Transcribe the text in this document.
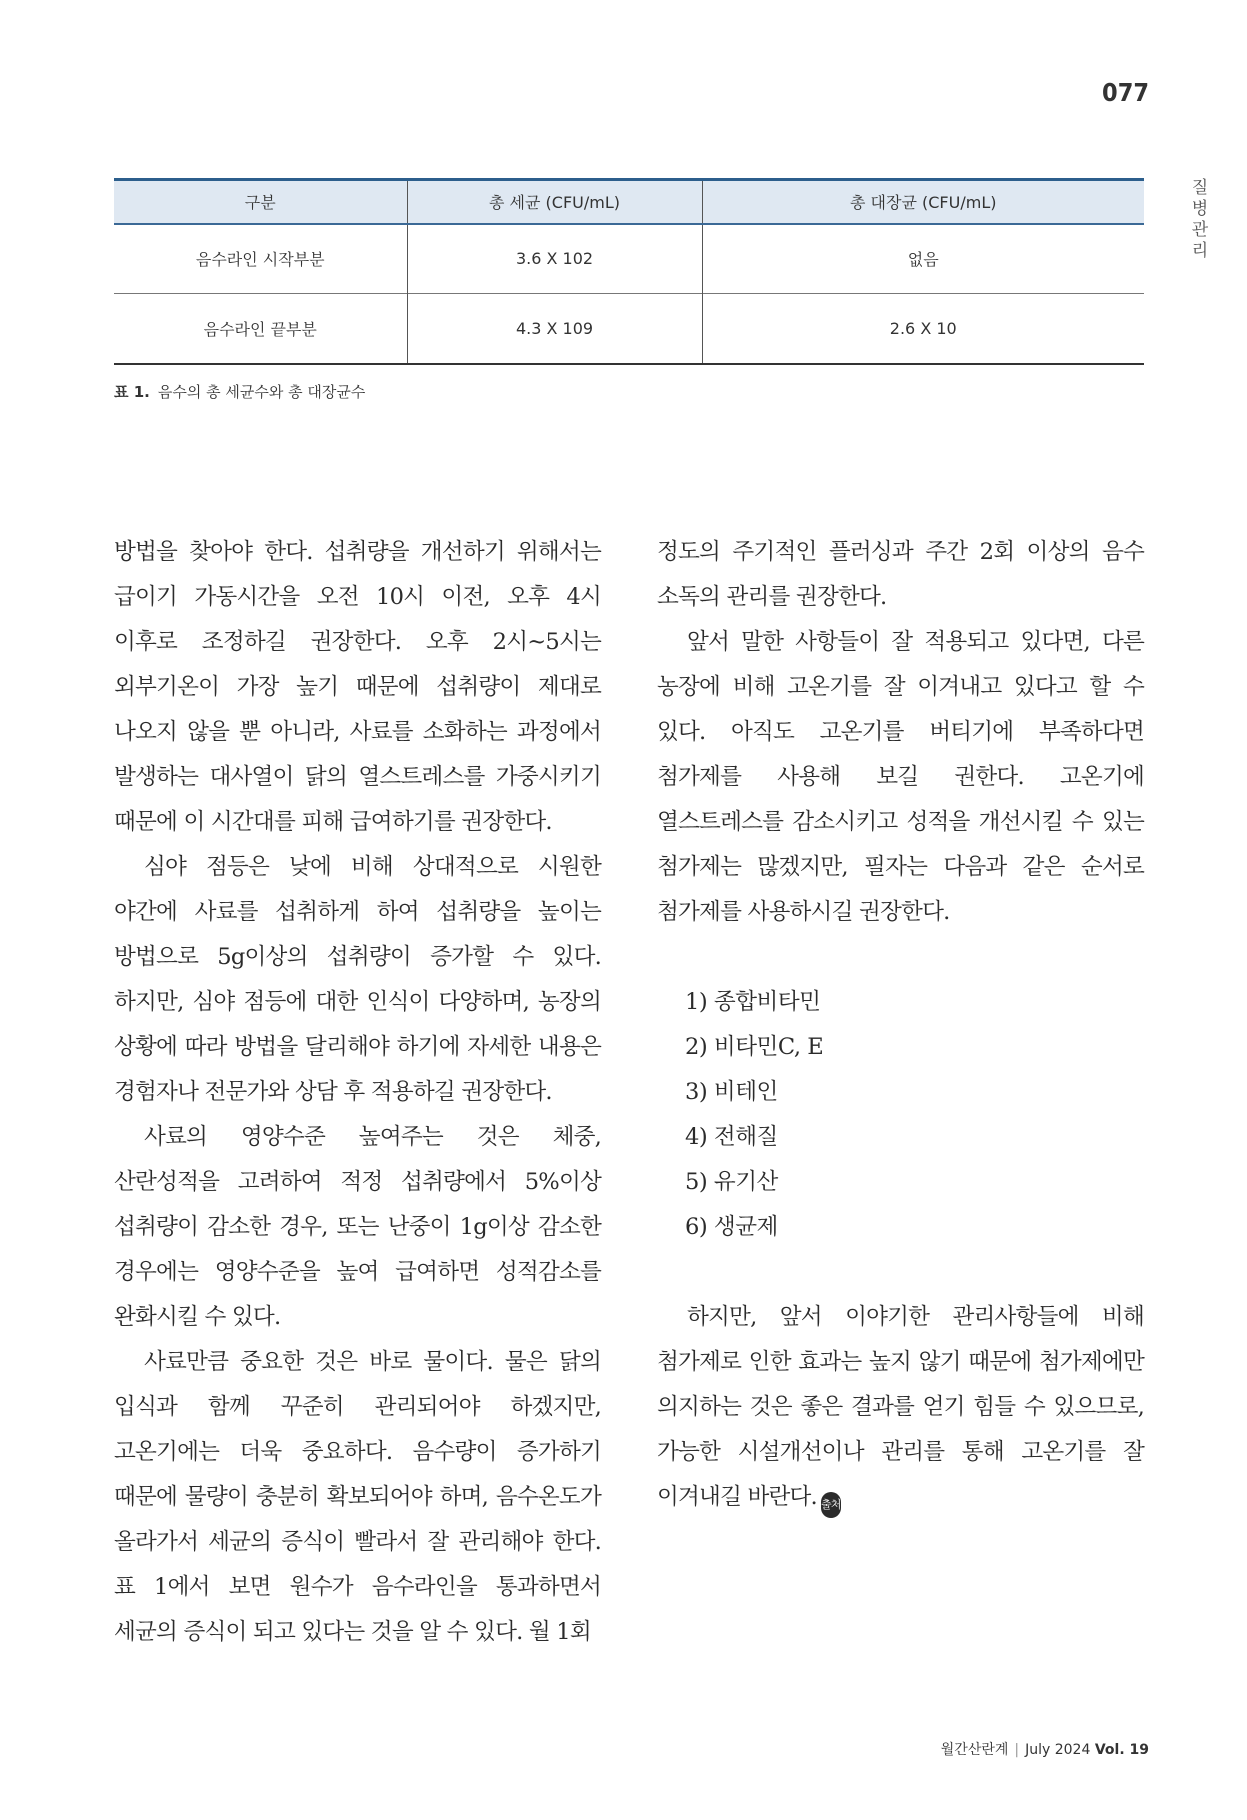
077
질
병
관
리
구분	총 세균 (CFU/mL)	총 대장균 (CFU/mL)
음수라인 시작부분	3.6 X 102	없음
음수라인 끝부분	4.3 X 109	2.6 X 10
표 1. 음수의 총 세균수와 총 대장균수

방법을 찾아야 한다. 섭취량을 개선하기 위해서는 급이기 가동시간을 오전 10시 이전, 오후 4시 이후로 조정하길 권장한다. 오후 2시~5시는 외부기온이 가장 높기 때문에 섭취량이 제대로 나오지 않을 뿐 아니라, 사료를 소화하는 과정에서 발생하는 대사열이 닭의 열스트레스를 가중시키기 때문에 이 시간대를 피해 급여하기를 권장한다.

심야 점등은 낮에 비해 상대적으로 시원한 야간에 사료를 섭취하게 하여 섭취량을 높이는 방법으로 5g이상의 섭취량이 증가할 수 있다. 하지만, 심야 점등에 대한 인식이 다양하며, 농장의 상황에 따라 방법을 달리해야 하기에 자세한 내용은 경험자나 전문가와 상담 후 적용하길 권장한다.

사료의 영양수준 높여주는 것은 체중, 산란성적을 고려하여 적정 섭취량에서 5%이상 섭취량이 감소한 경우, 또는 난중이 1g이상 감소한 경우에는 영양수준을 높여 급여하면 성적감소를 완화시킬 수 있다.

사료만큼 중요한 것은 바로 물이다. 물은 닭의 입식과 함께 꾸준히 관리되어야 하겠지만, 고온기에는 더욱 중요하다. 음수량이 증가하기 때문에 물량이 충분히 확보되어야 하며, 음수온도가 올라가서 세균의 증식이 빨라서 잘 관리해야 한다. 표 1에서 보면 원수가 음수라인을 통과하면서 세균의 증식이 되고 있다는 것을 알 수 있다. 월 1회

정도의 주기적인 플러싱과 주간 2회 이상의 음수 소독의 관리를 권장한다.

앞서 말한 사항들이 잘 적용되고 있다면, 다른 농장에 비해 고온기를 잘 이겨내고 있다고 할 수 있다. 아직도 고온기를 버티기에 부족하다면 첨가제를 사용해 보길 권한다. 고온기에 열스트레스를 감소시키고 성적을 개선시킬 수 있는 첨가제는 많겠지만, 필자는 다음과 같은 순서로 첨가제를 사용하시길 권장한다.

1) 종합비타민
2) 비타민C, E
3) 비테인
4) 전해질
5) 유기산
6) 생균제

하지만, 앞서 이야기한 관리사항들에 비해 첨가제로 인한 효과는 높지 않기 때문에 첨가제에만 의지하는 것은 좋은 결과를 얻기 힘들 수 있으므로, 가능한 시설개선이나 관리를 통해 고온기를 잘 이겨내길 바란다. 출처

월간산란계 | July 2024 Vol. 19
